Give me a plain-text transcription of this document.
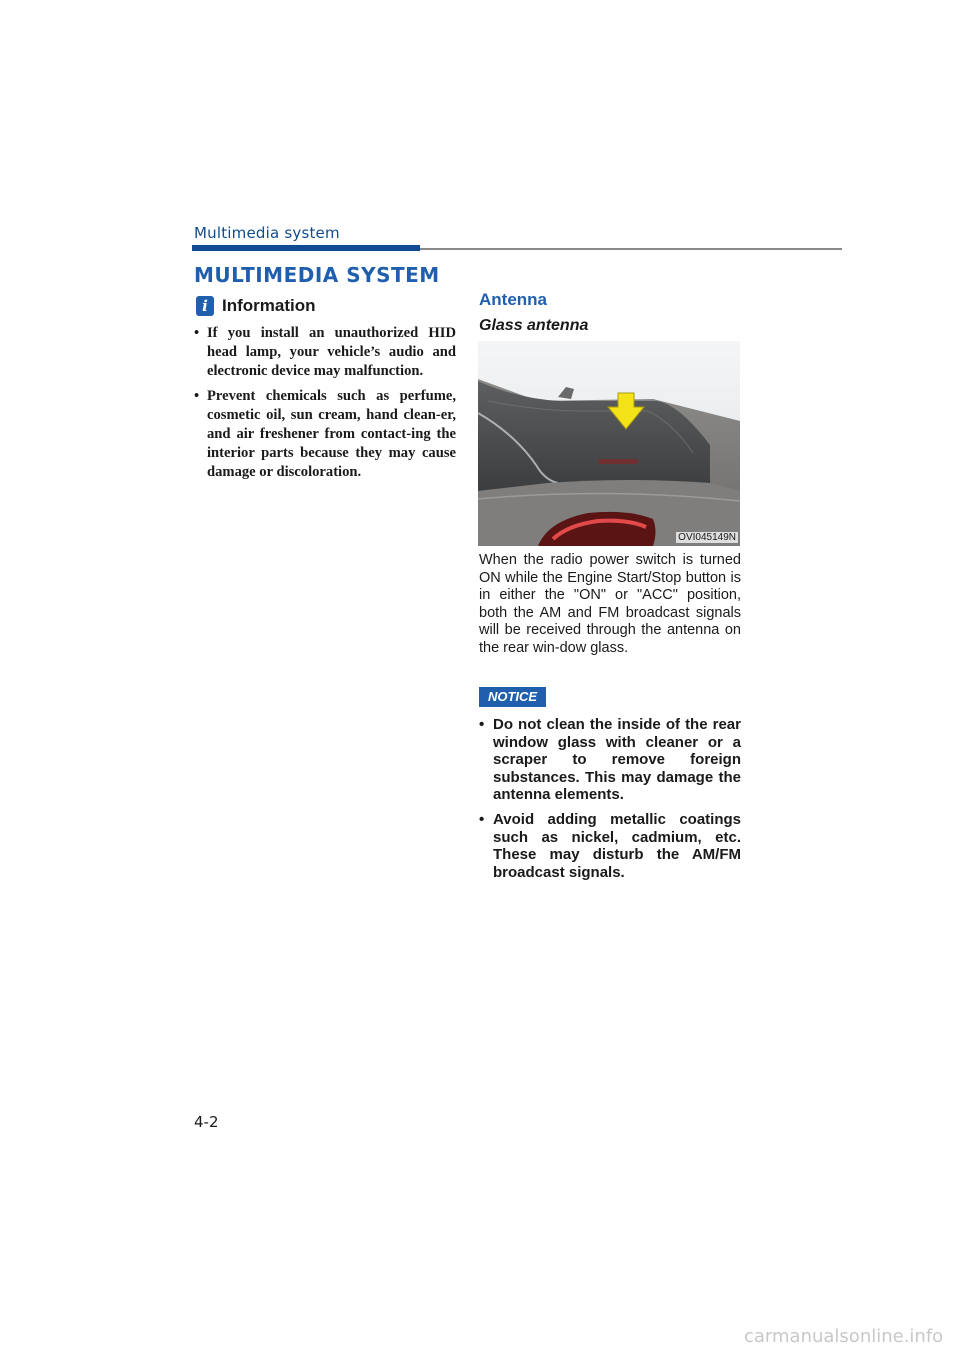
Multimedia system
MULTIMEDIA SYSTEM
i Information
• If you install an unauthorized HID head lamp, your vehicle’s audio and electronic device may malfunction.
• Prevent chemicals such as perfume, cosmetic oil, sun cream, hand clean-er, and air freshener from contact-ing the interior parts because they may cause damage or discoloration.
Antenna
Glass antenna
OVI045149N

When the radio power switch is turned ON while the Engine Start/Stop button is in either the "ON" or "ACC" position, both the AM and FM broadcast signals will be received through the antenna on the rear win-dow glass.

NOTICE
• Do not clean the inside of the rear window glass with cleaner or a scraper to remove foreign substances. This may damage the antenna elements.
• Avoid adding metallic coatings such as nickel, cadmium, etc. These may disturb the AM/FM broadcast signals.
4-2
carmanualsonline.info
